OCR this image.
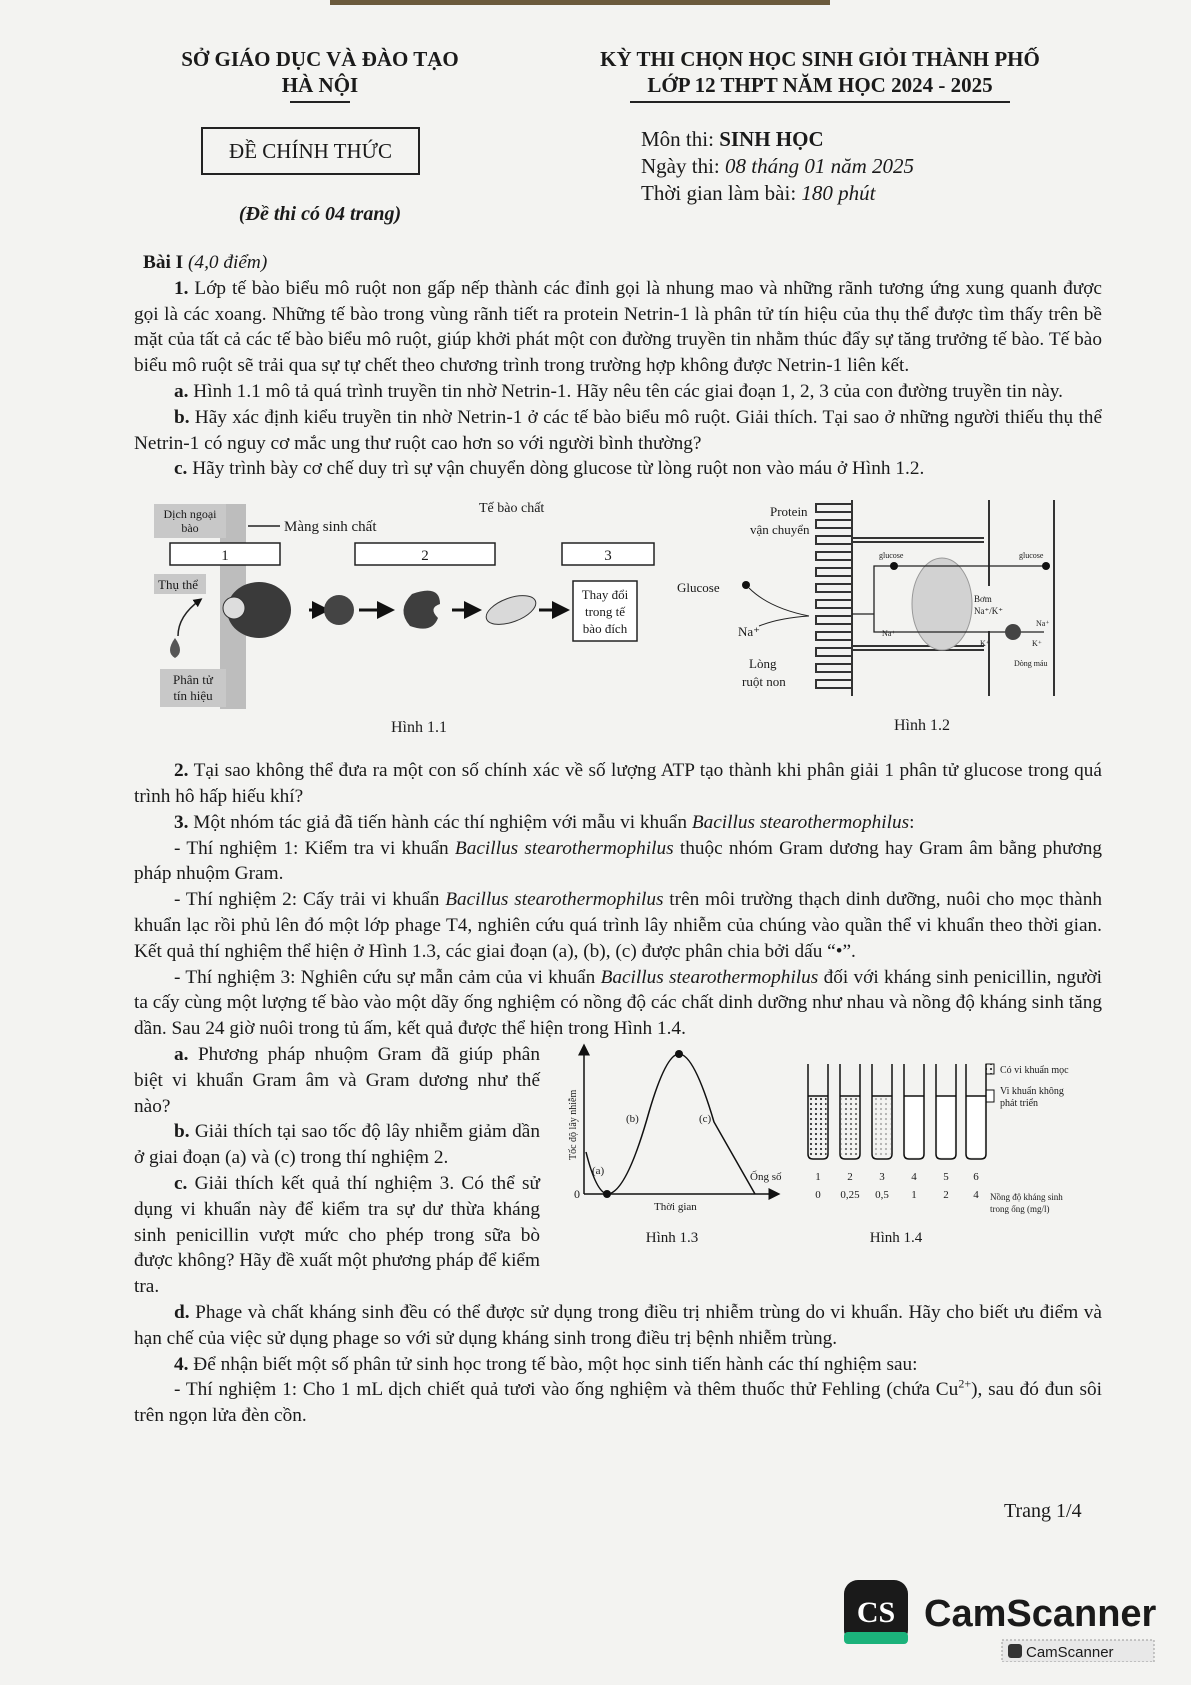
SỞ GIÁO DỤC VÀ ĐÀO TẠO
HÀ NỘI
KỲ THI CHỌN HỌC SINH GIỎI THÀNH PHỐ
LỚP 12 THPT NĂM HỌC 2024 - 2025
ĐỀ CHÍNH THỨC
(Đề thi có 04 trang)
Môn thi: SINH HỌC
Ngày thi: 08 tháng 01 năm 2025
Thời gian làm bài: 180 phút

Bài I (4,0 điểm)

1. Lớp tế bào biểu mô ruột non gấp nếp thành các đỉnh gọi là nhung mao và những rãnh tương ứng xung quanh được gọi là các xoang. Những tế bào trong vùng rãnh tiết ra protein Netrin-1 là phân tử tín hiệu của thụ thể được tìm thấy trên bề mặt của tất cả các tế bào biểu mô ruột, giúp khởi phát một con đường truyền tin nhằm thúc đẩy sự tăng trưởng tế bào. Tế bào biểu mô ruột sẽ trải qua sự tự chết theo chương trình trong trường hợp không được Netrin-1 liên kết.

a. Hình 1.1 mô tả quá trình truyền tin nhờ Netrin-1. Hãy nêu tên các giai đoạn 1, 2, 3 của con đường truyền tin này.

b. Hãy xác định kiểu truyền tin nhờ Netrin-1 ở các tế bào biểu mô ruột. Giải thích. Tại sao ở những người thiếu thụ thể Netrin-1 có nguy cơ mắc ung thư ruột cao hơn so với người bình thường?

c. Hãy trình bày cơ chế duy trì sự vận chuyển dòng glucose từ lòng ruột non vào máu ở Hình 1.2.

Dịch ngoại
bào	Màng sinh chất
Tế bào chất
1	2	3
Thụ thể
Thay đổi
trong tế
bào đích
Phân tử
tín hiệu
Hình 1.1
Protein
vận chuyển
Glucose
Na⁺
Lòng
ruột non
glucose	glucose
Bơm
Na⁺/K⁺
Na⁺
Na⁺
K⁺	K⁺
Dòng máu
Hình 1.2

2. Tại sao không thể đưa ra một con số chính xác về số lượng ATP tạo thành khi phân giải 1 phân tử glucose trong quá trình hô hấp hiếu khí?

3. Một nhóm tác giả đã tiến hành các thí nghiệm với mẫu vi khuẩn Bacillus stearothermophilus:

- Thí nghiệm 1: Kiểm tra vi khuẩn Bacillus stearothermophilus thuộc nhóm Gram dương hay Gram âm bằng phương pháp nhuộm Gram.

- Thí nghiệm 2: Cấy trải vi khuẩn Bacillus stearothermophilus trên môi trường thạch dinh dưỡng, nuôi cho mọc thành khuẩn lạc rồi phủ lên đó một lớp phage T4, nghiên cứu quá trình lây nhiễm của chúng vào quần thể vi khuẩn theo thời gian. Kết quả thí nghiệm thể hiện ở Hình 1.3, các giai đoạn (a), (b), (c) được phân chia bởi dấu “•”.

- Thí nghiệm 3: Nghiên cứu sự mẫn cảm của vi khuẩn Bacillus stearothermophilus đối với kháng sinh penicillin, người ta cấy cùng một lượng tế bào vào một dãy ống nghiệm có nồng độ các chất dinh dưỡng như nhau và nồng độ kháng sinh tăng dần. Sau 24 giờ nuôi trong tủ ấm, kết quả được thể hiện trong Hình 1.4.

0
(a)
(b)	(c)
Thời gian
Tốc độ lây nhiễm
Hình 1.3
Ống số
Có vi khuẩn mọc
Vi khuẩn không
phát triển
Nồng độ kháng sinh
trong ống (mg/l)
Hình 1.4
1
0
2
0,25
3
0,5
4
1
5
2
6
4

a. Phương pháp nhuộm Gram đã giúp phân biệt vi khuẩn Gram âm và Gram dương như thế nào?

b. Giải thích tại sao tốc độ lây nhiễm giảm dần ở giai đoạn (a) và (c) trong thí nghiệm 2.

c. Giải thích kết quả thí nghiệm 3. Có thể sử dụng vi khuẩn này để kiểm tra sự dư thừa kháng sinh penicillin vượt mức cho phép trong sữa bò được không? Hãy đề xuất một phương pháp để kiểm tra.

d. Phage và chất kháng sinh đều có thể được sử dụng trong điều trị nhiễm trùng do vi khuẩn. Hãy cho biết ưu điểm và hạn chế của việc sử dụng phage so với sử dụng kháng sinh trong điều trị bệnh nhiễm trùng.

4. Để nhận biết một số phân tử sinh học trong tế bào, một học sinh tiến hành các thí nghiệm sau:

- Thí nghiệm 1: Cho 1 mL dịch chiết quả tươi vào ống nghiệm và thêm thuốc thử Fehling (chứa $Cu^{2+}$), sau đó đun sôi trên ngọn lửa đèn cồn.

Trang 1/4
CS CamScanner
CamScanner
